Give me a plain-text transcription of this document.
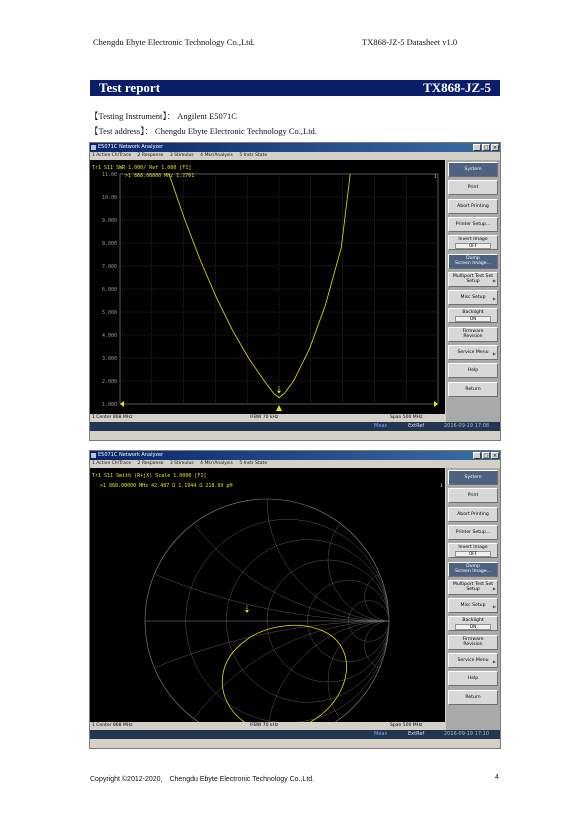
Chengdu Ebyte Electronic Technology Co.,Ltd.	TX868-JZ-5 Datasheet v1.0
Test report	TX868-JZ-5
【Testing Instrument】： Angilent E5071C
【Test address】： Chengdu Ebyte Electronic Technology Co.,Ltd.
E5071C Network Analyzer	_ □ ×
1 Active Ch/Trace 2 Response 3 Stimulus 4 Mkr/Analysis 5 Instr State
Tr1 S11 SWR 1.000/ Ref 1.000 [F1]
>1 868.00000 MHz 1.2761
11.00
10.00
9.000
8.000
7.000
6.000
5.000
4.000
3.000
2.000
1.000
1
1
1 Center 868 MHz	IFBW 70 kHz	Span 500 MHz
Meas	ExtRef	2016-09-19 17:08
System
Print
Abort Printing
Printer Setup...
Invert Image
OFF
Dump
Screen Image...
Multiport Test Set
Setup	▶
Misc Setup	▶
Backlight
ON
Firmware
Revision
Service Menu	▶
Help
Return
E5071C Network Analyzer	_ □ ×
1 Active Ch/Trace 2 Response 3 Stimulus 4 Mkr/Analysis 5 Instr State
Tr1 S11 Smith (R+jX) Scale 1.0000 [F1]
>1 868.00000 MHz 42.487 Ω 1.1944 Ω 218.99 pH
1
1
1 Center 868 MHz	IFBW 70 kHz	Span 500 MHz
Meas	ExtRef	2016-09-19 17:10
System
Print
Abort Printing
Printer Setup...
Invert Image
OFF
Dump
Screen Image...
Multiport Test Set
Setup	▶
Misc Setup	▶
Backlight
ON
Firmware
Revision
Service Menu	▶
Help
Return
Copyright ©2012-2020， Chengdu Ebyte Electronic Technology Co.,Ltd.	4
